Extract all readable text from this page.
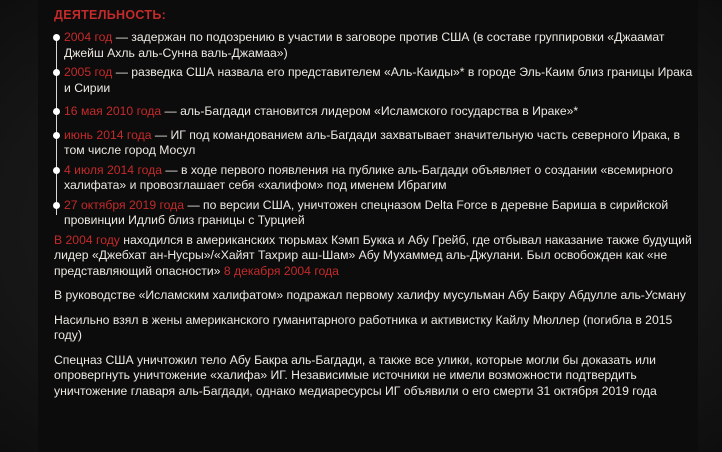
ДЕЯТЕЛЬНОСТЬ:
2004 год — задержан по подозрению в участии в заговоре против США (в составе группировки «Джаамат Джейш Ахль аль-Сунна валь-Джамаа»)
2005 год — разведка США назвала его представителем «Аль-Каиды»* в городе Эль-Каим близ границы Ирака и Сирии
16 мая 2010 года — аль-Багдади становится лидером «Исламского государства в Ираке»*
июнь 2014 года — ИГ под командованием аль-Багдади захватывает значительную часть северного Ирака, в том числе город Мосул
4 июля 2014 года — в ходе первого появления на публике аль-Багдади объявляет о создании «всемирного халифата» и провозглашает себя «халифом» под именем Ибрагим
27 октября 2019 года — по версии США, уничтожен спецназом Delta Force в деревне Бариша в сирийской провинции Идлиб близ границы с Турцией
В 2004 году находился в американских тюрьмах Кэмп Букка и Абу Грейб, где отбывал наказание также будущий лидер «Джебхат ан-Нусры»/«Хайят Тахрир аш-Шам» Абу Мухаммед аль-Джулани. Был освобожден как «не представляющий опасности» 8 декабря 2004 года
В руководстве «Исламским халифатом» подражал первому халифу мусульман Абу Бакру Абдулле аль-Усману
Насильно взял в жены американского гуманитарного работника и активистку Кайлу Мюллер (погибла в 2015 году)
Спецназ США уничтожил тело Абу Бакра аль-Багдади, а также все улики, которые могли бы доказать или опровергнуть уничтожение «халифа» ИГ. Независимые источники не имели возможности подтвердить уничтожение главаря аль-Багдади, однако медиаресурсы ИГ объявили о его смерти 31 октября 2019 года
